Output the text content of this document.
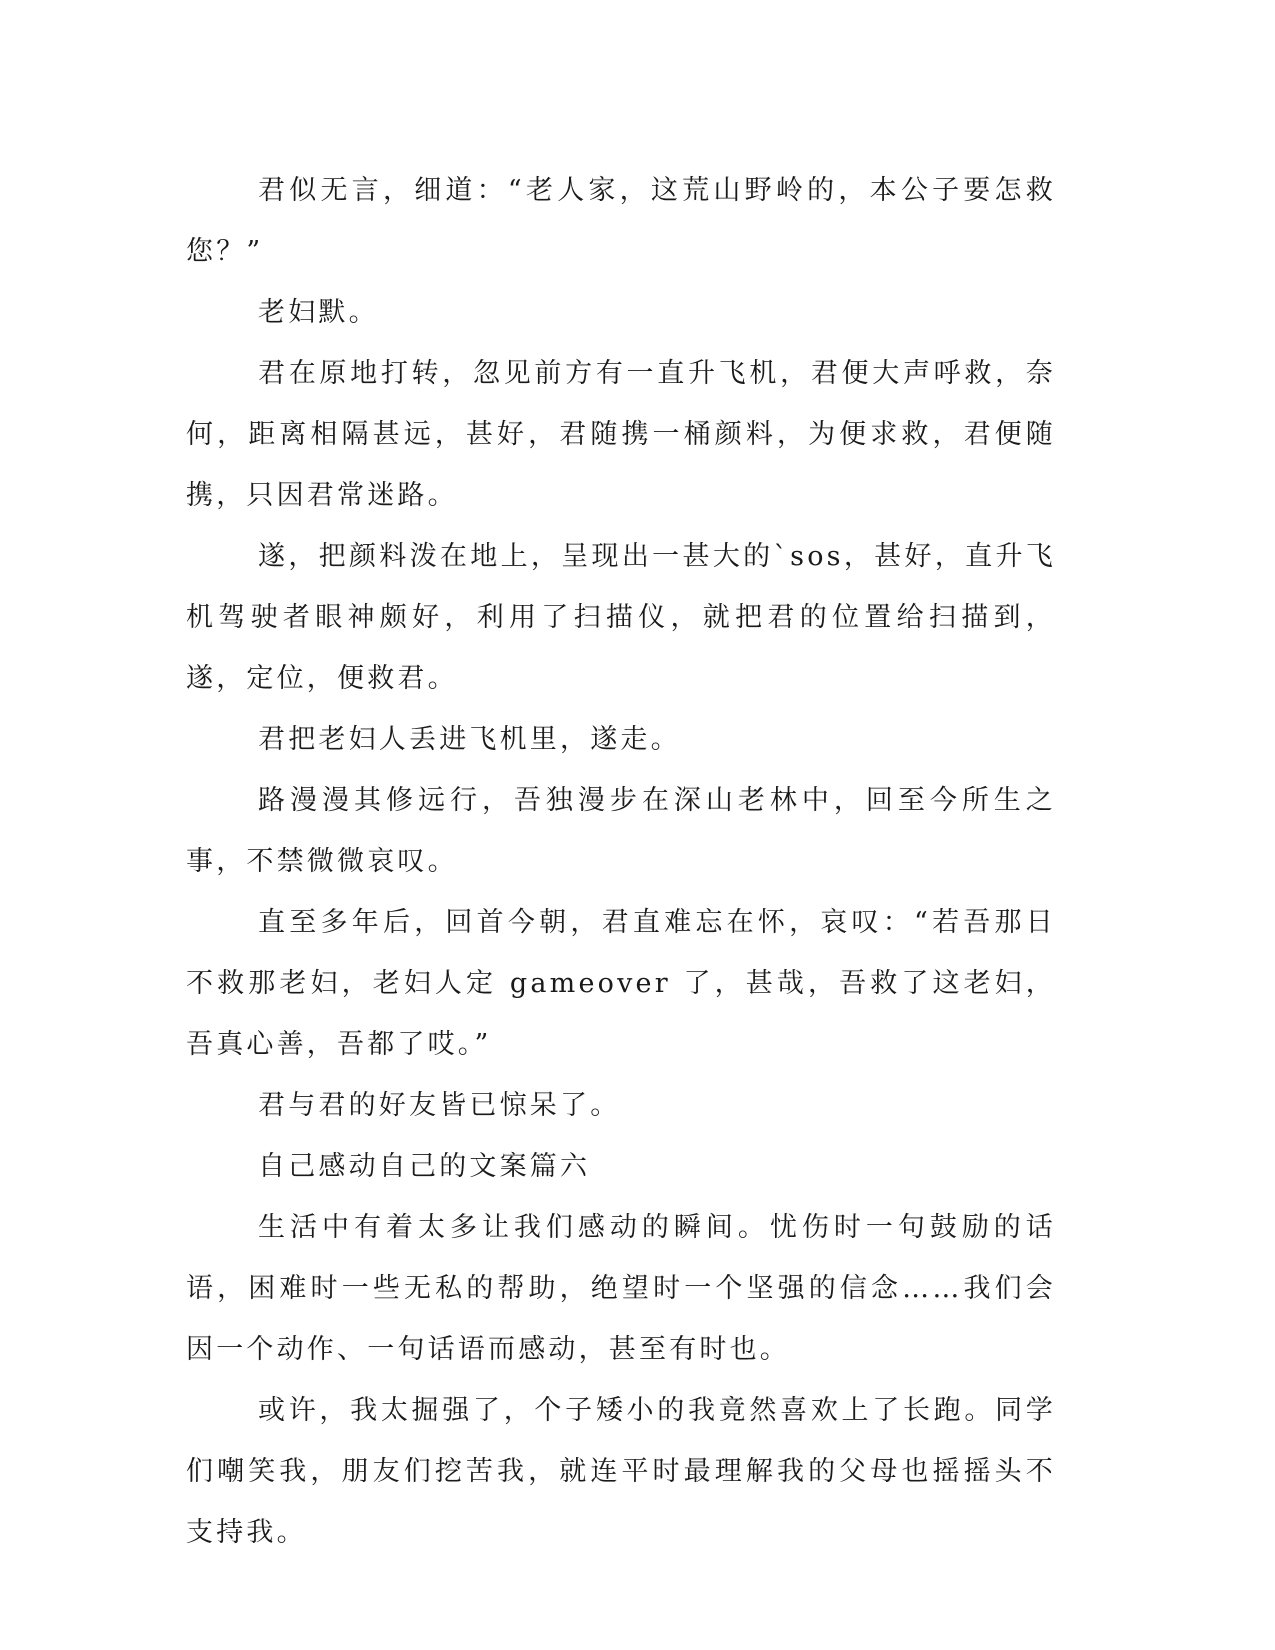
君似无言，细道：“老人家，这荒山野岭的，本公子要怎救您？”

老妇默。

君在原地打转，忽见前方有一直升飞机，君便大声呼救，奈何，距离相隔甚远，甚好，君随携一桶颜料，为便求救，君便随携，只因君常迷路。

遂，把颜料泼在地上，呈现出一甚大的`sos，甚好，直升飞机驾驶者眼神颇好，利用了扫描仪，就把君的位置给扫描到，遂，定位，便救君。

君把老妇人丢进飞机里，遂走。

路漫漫其修远行，吾独漫步在深山老林中，回至今所生之事，不禁微微哀叹。

直至多年后，回首今朝，君直难忘在怀，哀叹：“若吾那日不救那老妇，老妇人定 gameover 了，甚哉，吾救了这老妇，吾真心善，吾都了哎。”

君与君的好友皆已惊呆了。

自己感动自己的文案篇六

生活中有着太多让我们感动的瞬间。忧伤时一句鼓励的话语，困难时一些无私的帮助，绝望时一个坚强的信念……我们会因一个动作、一句话语而感动，甚至有时也。

或许，我太掘强了，个子矮小的我竟然喜欢上了长跑。同学们嘲笑我，朋友们挖苦我，就连平时最理解我的父母也摇摇头不支持我。
